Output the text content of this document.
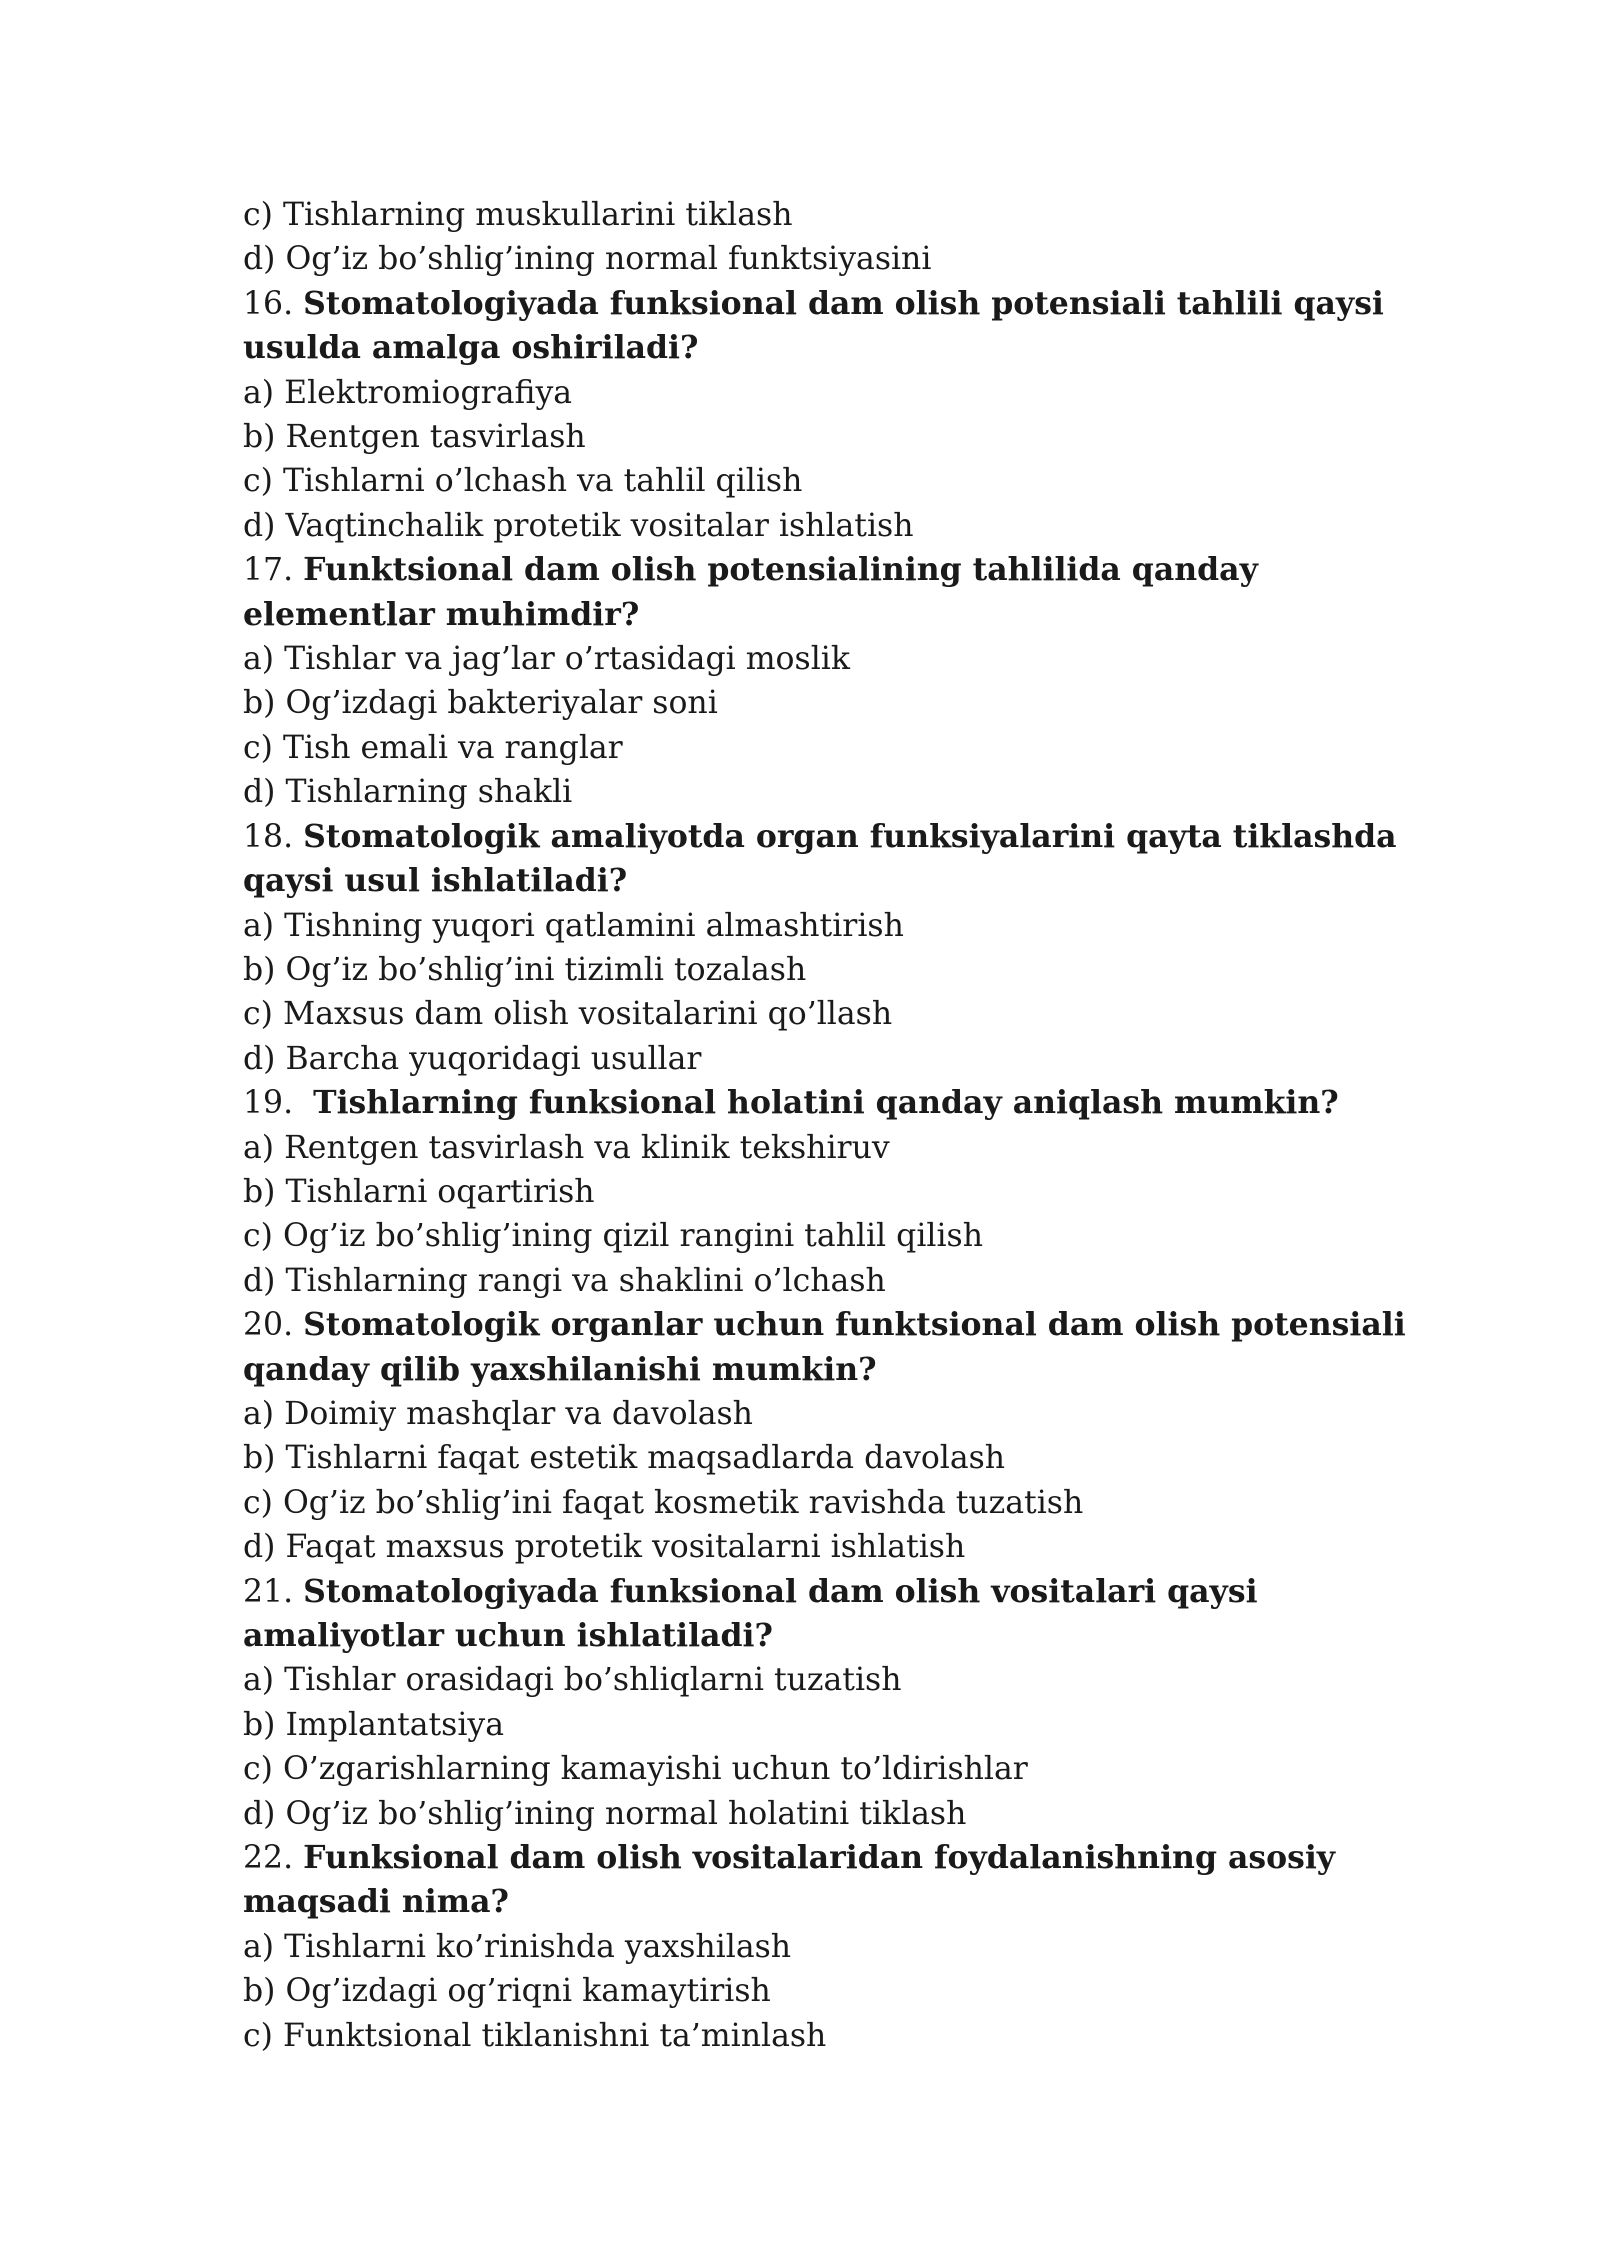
c) Tishlarning muskullarini tiklash
d) Og’iz bo’shlig’ining normal funktsiyasini
16. Stomatologiyada funksional dam olish potensiali tahlili qaysi
usulda amalga oshiriladi?
a) Elektromiografiya
b) Rentgen tasvirlash
c) Tishlarni o’lchash va tahlil qilish
d) Vaqtinchalik protetik vositalar ishlatish
17. Funktsional dam olish potensialining tahlilida qanday
elementlar muhimdir?
a) Tishlar va jag’lar o’rtasidagi moslik
b) Og’izdagi bakteriyalar soni
c) Tish emali va ranglar
d) Tishlarning shakli
18. Stomatologik amaliyotda organ funksiyalarini qayta tiklashda
qaysi usul ishlatiladi?
a) Tishning yuqori qatlamini almashtirish
b) Og’iz bo’shlig’ini tizimli tozalash
c) Maxsus dam olish vositalarini qo’llash
d) Barcha yuqoridagi usullar
19.  Tishlarning funksional holatini qanday aniqlash mumkin?
a) Rentgen tasvirlash va klinik tekshiruv
b) Tishlarni oqartirish
c) Og’iz bo’shlig’ining qizil rangini tahlil qilish
d) Tishlarning rangi va shaklini o’lchash
20. Stomatologik organlar uchun funktsional dam olish potensiali
qanday qilib yaxshilanishi mumkin?
a) Doimiy mashqlar va davolash
b) Tishlarni faqat estetik maqsadlarda davolash
c) Og’iz bo’shlig’ini faqat kosmetik ravishda tuzatish
d) Faqat maxsus protetik vositalarni ishlatish
21. Stomatologiyada funksional dam olish vositalari qaysi
amaliyotlar uchun ishlatiladi?
a) Tishlar orasidagi bo’shliqlarni tuzatish
b) Implantatsiya
c) O’zgarishlarning kamayishi uchun to’ldirishlar
d) Og’iz bo’shlig’ining normal holatini tiklash
22. Funksional dam olish vositalaridan foydalanishning asosiy
maqsadi nima?
a) Tishlarni ko’rinishda yaxshilash
b) Og’izdagi og’riqni kamaytirish
c) Funktsional tiklanishni ta’minlash
